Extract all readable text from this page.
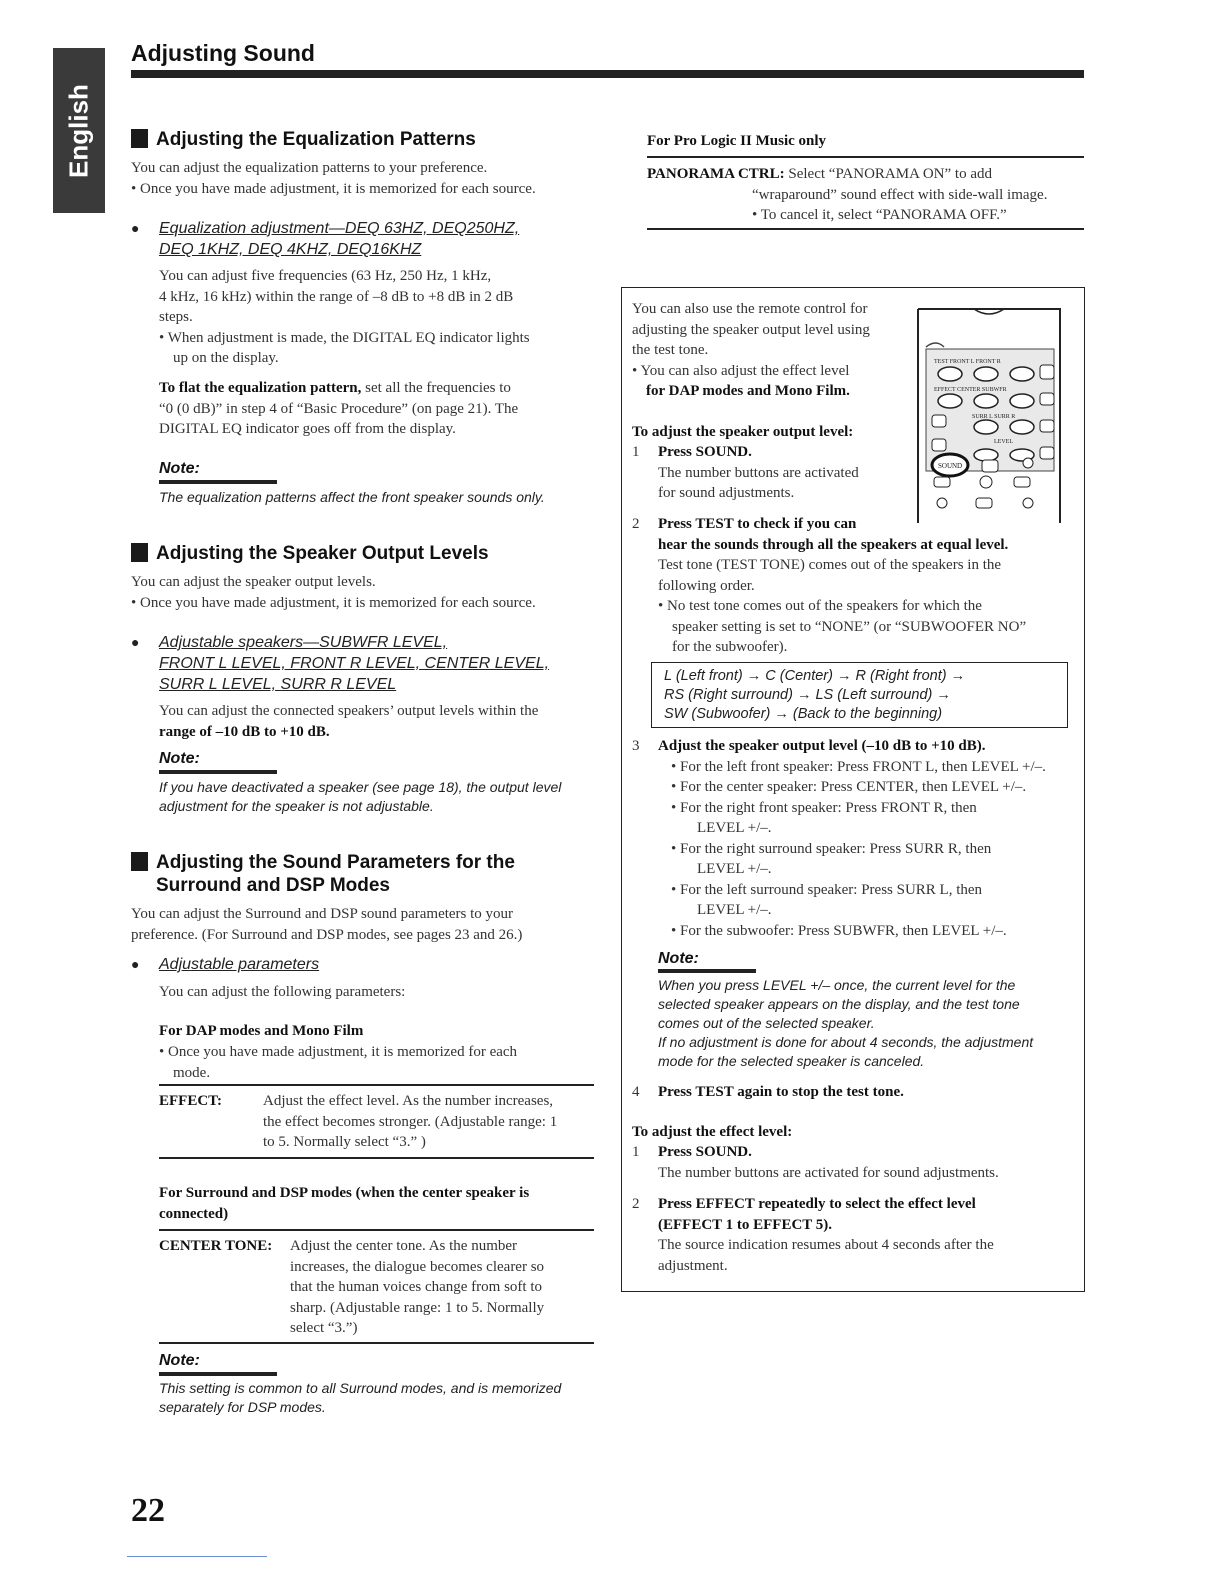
English
Adjusting Sound
Adjusting the Equalization Patterns
You can adjust the equalization patterns to your preference.
• Once you have made adjustment, it is memorized for each source.
● Equalization adjustment—DEQ 63HZ, DEQ250HZ,
DEQ 1KHZ, DEQ 4KHZ, DEQ16KHZ
You can adjust five frequencies (63 Hz, 250 Hz, 1 kHz,
4 kHz, 16 kHz) within the range of –8 dB to +8 dB in 2 dB
steps.
• When adjustment is made, the DIGITAL EQ indicator lights
up on the display.
To flat the equalization pattern, set all the frequencies to
“0 (0 dB)” in step 4 of “Basic Procedure” (on page 21). The
DIGITAL EQ indicator goes off from the display.
Note:
The equalization patterns affect the front speaker sounds only.
Adjusting the Speaker Output Levels
You can adjust the speaker output levels.
• Once you have made adjustment, it is memorized for each source.
● Adjustable speakers—SUBWFR LEVEL,
FRONT L LEVEL, FRONT R LEVEL, CENTER LEVEL,
SURR L LEVEL, SURR R LEVEL
You can adjust the connected speakers’ output levels within the
range of –10 dB to +10 dB.
Note:
If you have deactivated a speaker (see page 18), the output level
adjustment for the speaker is not adjustable.
Adjusting the Sound Parameters for the
Surround and DSP Modes
You can adjust the Surround and DSP sound parameters to your
preference. (For Surround and DSP modes, see pages 23 and 26.)
● Adjustable parameters
You can adjust the following parameters:
For DAP modes and Mono Film
• Once you have made adjustment, it is memorized for each
mode.
EFFECT:	Adjust the effect level. As the number increases,
the effect becomes stronger. (Adjustable range: 1
to 5. Normally select “3.” )
For Surround and DSP modes (when the center speaker is
connected)
CENTER TONE: Adjust the center tone. As the number
increases, the dialogue becomes clearer so
that the human voices change from soft to
sharp. (Adjustable range: 1 to 5. Normally
select “3.”)
Note:
This setting is common to all Surround modes, and is memorized
separately for DSP modes.
For Pro Logic II Music only
PANORAMA CTRL: Select “PANORAMA ON” to add
“wraparound” sound effect with side-wall image.
• To cancel it, select “PANORAMA OFF.”
TEST FRONT L FRONT R
EFFECT CENTER SUBWFR
SURR L SURR R
LEVEL
SOUND
You can also use the remote control for
adjusting the speaker output level using
the test tone.
• You can also adjust the effect level
for DAP modes and Mono Film.
To adjust the speaker output level:
1 Press SOUND.
The number buttons are activated
for sound adjustments.
2 Press TEST to check if you can
hear the sounds through all the speakers at equal level.
Test tone (TEST TONE) comes out of the speakers in the
following order.
• No test tone comes out of the speakers for which the
speaker setting is set to “NONE” (or “SUBWOOFER NO”
for the subwoofer).
L (Left front) → C (Center) → R (Right front) →
RS (Right surround) → LS (Left surround) →
SW (Subwoofer) → (Back to the beginning)
3 Adjust the speaker output level (–10 dB to +10 dB).
• For the left front speaker: Press FRONT L, then LEVEL +/–.
• For the center speaker: Press CENTER, then LEVEL +/–.
• For the right front speaker: Press FRONT R, then
LEVEL +/–.
• For the right surround speaker: Press SURR R, then
LEVEL +/–.
• For the left surround speaker: Press SURR L, then
LEVEL +/–.
• For the subwoofer: Press SUBWFR, then LEVEL +/–.
Note:
When you press LEVEL +/– once, the current level for the
selected speaker appears on the display, and the test tone
comes out of the selected speaker.
If no adjustment is done for about 4 seconds, the adjustment
mode for the selected speaker is canceled.
4	Press TEST again to stop the test tone.
To adjust the effect level:
1 Press SOUND.
The number buttons are activated for sound adjustments.
2 Press EFFECT repeatedly to select the effect level
(EFFECT 1 to EFFECT 5).
The source indication resumes about 4 seconds after the
adjustment.
22
